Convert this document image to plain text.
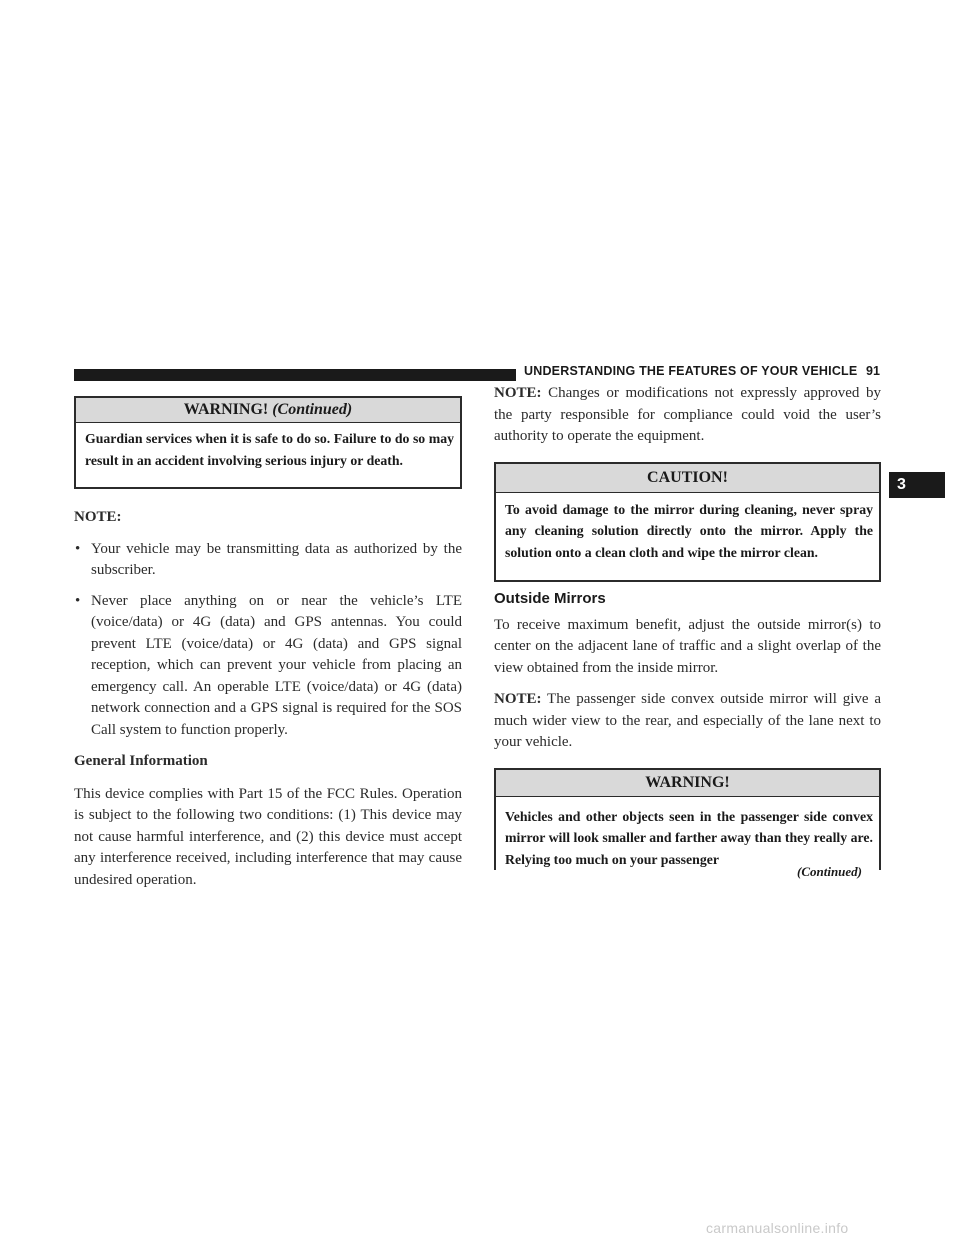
UNDERSTANDING THE FEATURES OF YOUR VEHICLE 91
3
WARNING! (Continued)
Guardian services when it is safe to do so. Failure to do so may result in an accident involving serious injury or death.

NOTE:

• Your vehicle may be transmitting data as authorized by the subscriber.
• Never place anything on or near the vehicle’s LTE (voice/data) or 4G (data) and GPS antennas. You could prevent LTE (voice/data) or 4G (data) and GPS signal reception, which can prevent your vehicle from placing an emergency call. An operable LTE (voice/data) or 4G (data) network connection and a GPS signal is required for the SOS Call system to function properly.

General Information

This device complies with Part 15 of the FCC Rules. Operation is subject to the following two conditions: (1) This device may not cause harmful interference, and (2) this device must accept any interference received, including interference that may cause undesired operation.

NOTE: Changes or modifications not expressly approved by the party responsible for compliance could void the user’s authority to operate the equipment.

CAUTION!
To avoid damage to the mirror during cleaning, never spray any cleaning solution directly onto the mirror. Apply the solution onto a clean cloth and wipe the mirror clean.
Outside Mirrors

To receive maximum benefit, adjust the outside mirror(s) to center on the adjacent lane of traffic and a slight overlap of the view obtained from the inside mirror.

NOTE: The passenger side convex outside mirror will give a much wider view to the rear, and especially of the lane next to your vehicle.

WARNING!
Vehicles and other objects seen in the passenger side convex mirror will look smaller and farther away than they really are. Relying too much on your passenger
(Continued)
carmanualsonline.info
